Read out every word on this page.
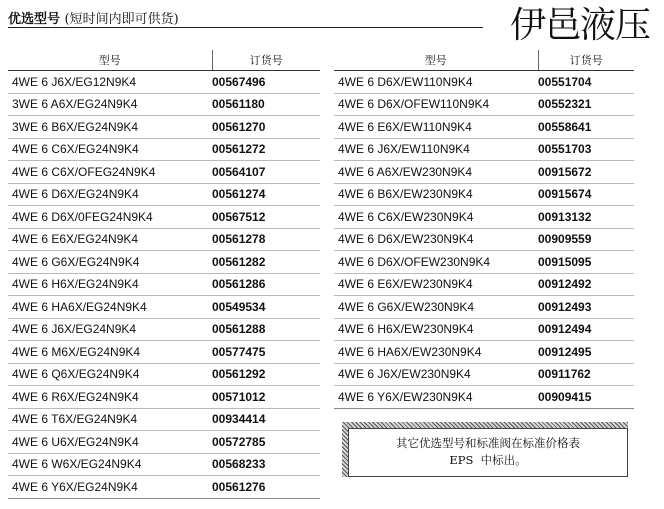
优选型号 (短时间内即可供货)	伊邑液压
型号	订货号
4WE 6 J6X/EG12N9K4	00567496
3WE 6 A6X/EG24N9K4	00561180
3WE 6 B6X/EG24N9K4	00561270
4WE 6 C6X/EG24N9K4	00561272
4WE 6 C6X/OFEG24N9K4	00564107
4WE 6 D6X/EG24N9K4	00561274
4WE 6 D6X/0FEG24N9K4	00567512
4WE 6 E6X/EG24N9K4	00561278
4WE 6 G6X/EG24N9K4	00561282
4WE 6 H6X/EG24N9K4	00561286
4WE 6 HA6X/EG24N9K4	00549534
4WE 6 J6X/EG24N9K4	00561288
4WE 6 M6X/EG24N9K4	00577475
4WE 6 Q6X/EG24N9K4	00561292
4WE 6 R6X/EG24N9K4	00571012
4WE 6 T6X/EG24N9K4	00934414
4WE 6 U6X/EG24N9K4	00572785
4WE 6 W6X/EG24N9K4	00568233
4WE 6 Y6X/EG24N9K4	00561276
型号	订货号
4WE 6 D6X/EW110N9K4	00551704
4WE 6 D6X/OFEW110N9K4	00552321
4WE 6 E6X/EW110N9K4	00558641
4WE 6 J6X/EW110N9K4	00551703
4WE 6 A6X/EW230N9K4	00915672
4WE 6 B6X/EW230N9K4	00915674
4WE 6 C6X/EW230N9K4	00913132
4WE 6 D6X/EW230N9K4	00909559
4WE 6 D6X/OFEW230N9K4	00915095
4WE 6 E6X/EW230N9K4	00912492
4WE 6 G6X/EW230N9K4	00912493
4WE 6 H6X/EW230N9K4	00912494
4WE 6 HA6X/EW230N9K4	00912495
4WE 6 J6X/EW230N9K4	00911762
4WE 6 Y6X/EW230N9K4	00909415
其它优选型号和标准阀在标准价格表
EPS  中标出。
